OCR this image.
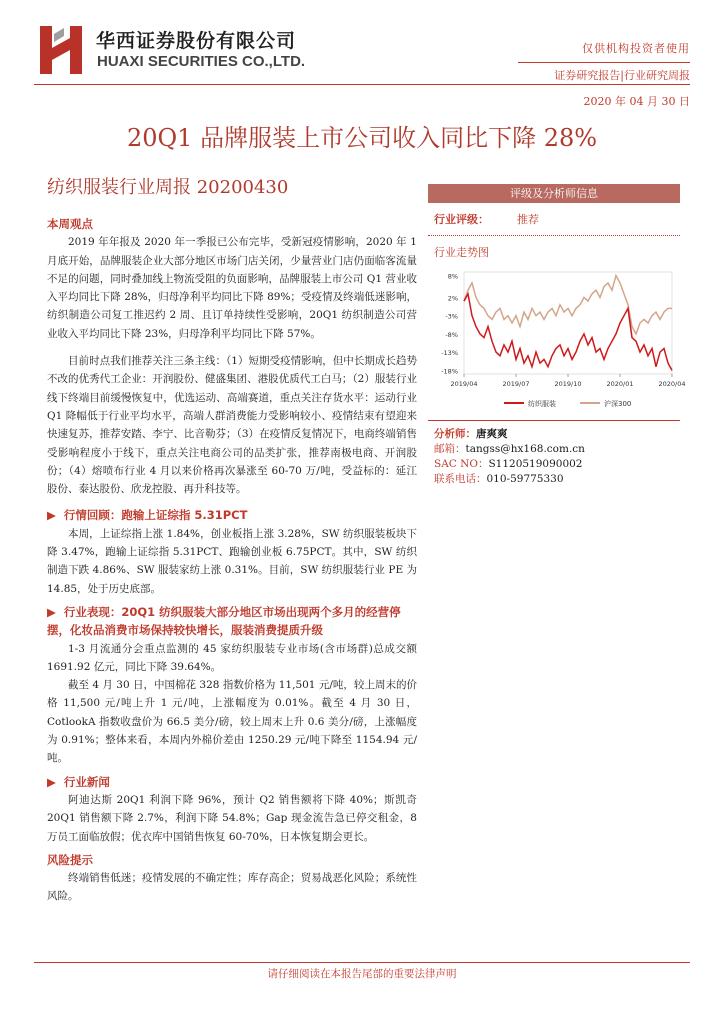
华西证券股份有限公司
HUAXI SECURITIES CO.,LTD.
仅供机构投资者使用
证券研究报告|行业研究周报
2020 年 04 月 30 日
20Q1 品牌服装上市公司收入同比下降 28%
纺织服装行业周报 20200430
本周观点
2019 年年报及 2020 年一季报已公布完毕，受新冠疫情影响，2020 年 1 月底开始，品牌服装企业大部分地区市场门店关闭，少量营业门店仍面临客流量不足的问题，同时叠加线上物流受阻的负面影响，品牌服装上市公司 Q1 营业收入平均同比下降 28%，归母净利平均同比下降 89%；受疫情及终端低迷影响，纺织制造公司复工推迟约 2 周、且订单持续性受影响，20Q1 纺织制造公司营业收入平均同比下降 23%，归母净利平均同比下降 57%。
目前时点我们推荐关注三条主线：（1）短期受疫情影响，但中长期成长趋势不改的优秀代工企业：开润股份、健盛集团、港股优质代工白马；（2）服装行业线下终端目前缓慢恢复中，优选运动、高端赛道，重点关注存货水平：运动行业 Q1 降幅低于行业平均水平，高端人群消费能力受影响较小、疫情结束有望迎来快速复苏，推荐安踏、李宁、比音勒芬；（3）在疫情反复情况下，电商终端销售受影响程度小于线下，重点关注电商公司的品类扩张，推荐南极电商、开润股份；（4）熔喷布行业 4 月以来价格再次暴涨至 60-70 万/吨，受益标的：延江股份、泰达股份、欣龙控股、再升科技等。
▶ 行情回顾：跑输上证综指 5.31PCT
本周，上证综指上涨 1.84%，创业板指上涨 3.28%，SW 纺织服装板块下降 3.47%，跑输上证综指 5.31PCT、跑输创业板 6.75PCT。其中，SW 纺织制造下跌 4.86%、SW 服装家纺上涨 0.31%。目前，SW 纺织服装行业 PE 为 14.85，处于历史底部。
▶ 行业表现：20Q1 纺织服装大部分地区市场出现两个多月的经营停摆，化妆品消费市场保持较快增长，服装消费提质升级
1-3 月流通分会重点监测的 45 家纺织服装专业市场(含市场群)总成交额 1691.92 亿元，同比下降 39.64%。
截至 4 月 30 日，中国棉花 328 指数价格为 11,501 元/吨，较上周末的价格 11,500 元/吨上升 1 元/吨，上涨幅度为 0.01%。截至 4 月 30 日，CotlookA 指数收盘价为 66.5 美分/磅，较上周末上升 0.6 美分/磅，上涨幅度为 0.91%；整体来看，本周内外棉价差由 1250.29 元/吨下降至 1154.94 元/吨。
▶ 行业新闻
阿迪达斯 20Q1 利润下降 96%，预计 Q2 销售额将下降 40%；斯凯奇 20Q1 销售额下降 2.7%，利润下降 54.8%；Gap 现金流告急已停交租金，8 万员工面临放假；优衣库中国销售恢复 60-70%，日本恢复期会更长。
风险提示
终端销售低迷；疫情发展的不确定性；库存高企；贸易战恶化风险；系统性风险。
评级及分析师信息
行业评级：	推荐
行业走势图
8%
2%
-3%
-8%
-13%
-18%
2019/04	2019/07	2019/10	2020/01	2020/04
纺织服装	沪深300
分析师：唐爽爽
邮箱：tangss@hx168.com.cn
SAC NO：S1120519090002
联系电话：010-59775330
请仔细阅读在本报告尾部的重要法律声明
